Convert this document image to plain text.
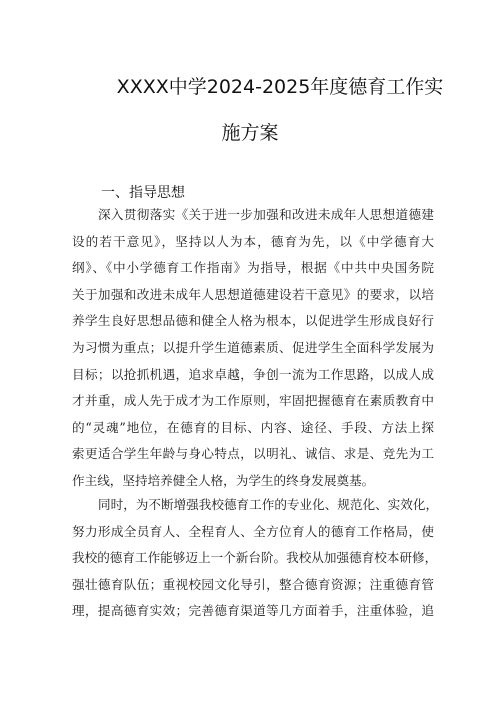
XXXX中学2024-2025年度德育工作实
施方案
一、指导思想
深入贯彻落实《关于进一步加强和改进未成年人思想道德建
设的若干意见》，坚持以人为本，德育为先，以《中学德育大
纲》、《中小学德育工作指南》为指导，根据《中共中央国务院
关于加强和改进未成年人思想道德建设若干意见》的要求，以培
养学生良好思想品德和健全人格为根本，以促进学生形成良好行
为习惯为重点；以提升学生道德素质、促进学生全面科学发展为
目标；以抢抓机遇，追求卓越，争创一流为工作思路，以成人成
才并重，成人先于成才为工作原则，牢固把握德育在素质教育中
的“灵魂”地位，在德育的目标、内容、途径、手段、方法上探
索更适合学生年龄与身心特点，以明礼、诚信、求是、竞先为工
作主线，坚持培养健全人格，为学生的终身发展奠基。
同时，为不断增强我校德育工作的专业化、规范化、实效化，
努力形成全员育人、全程育人、全方位育人的德育工作格局，使
我校的德育工作能够迈上一个新台阶。我校从加强德育校本研修，
强壮德育队伍；重视校园文化导引，整合德育资源；注重德育管
理，提高德育实效；完善德育渠道等几方面着手，注重体验，追
